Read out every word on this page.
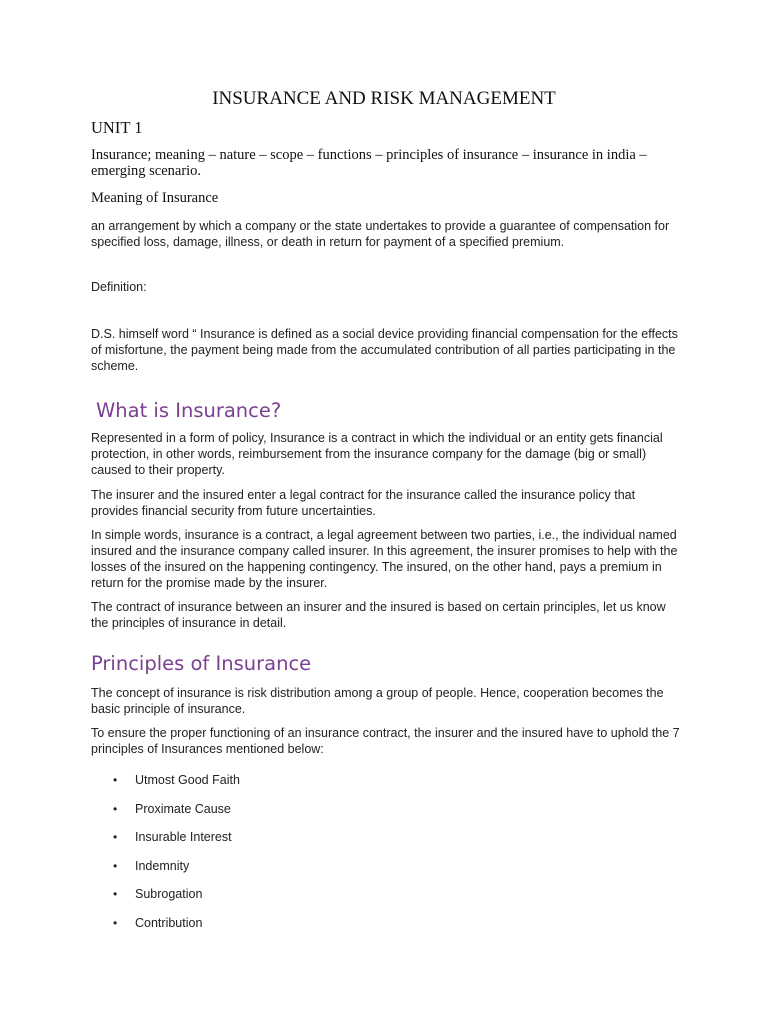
INSURANCE AND RISK MANAGEMENT

UNIT 1

Insurance; meaning – nature – scope – functions – principles of insurance – insurance in india – emerging scenario.

Meaning of Insurance

an arrangement by which a company or the state undertakes to provide a guarantee of compensation for specified loss, damage, illness, or death in return for payment of a specified premium.

Definition:

D.S. himself word “ Insurance is defined as a social device providing financial compensation for the effects of misfortune, the payment being made from the accumulated contribution of all parties participating in the scheme.

What is Insurance?

Represented in a form of policy, Insurance is a contract in which the individual or an entity gets financial protection, in other words, reimbursement from the insurance company for the damage (big or small) caused to their property.

The insurer and the insured enter a legal contract for the insurance called the insurance policy that provides financial security from future uncertainties.

In simple words, insurance is a contract, a legal agreement between two parties, i.e., the individual named insured and the insurance company called insurer. In this agreement, the insurer promises to help with the losses of the insured on the happening contingency. The insured, on the other hand, pays a premium in return for the promise made by the insurer.

The contract of insurance between an insurer and the insured is based on certain principles, let us know the principles of insurance in detail.

Principles of Insurance

The concept of insurance is risk distribution among a group of people. Hence, cooperation becomes the basic principle of insurance.

To ensure the proper functioning of an insurance contract, the insurer and the insured have to uphold the 7 principles of Insurances mentioned below:

• Utmost Good Faith
• Proximate Cause
• Insurable Interest
• Indemnity
• Subrogation
• Contribution
